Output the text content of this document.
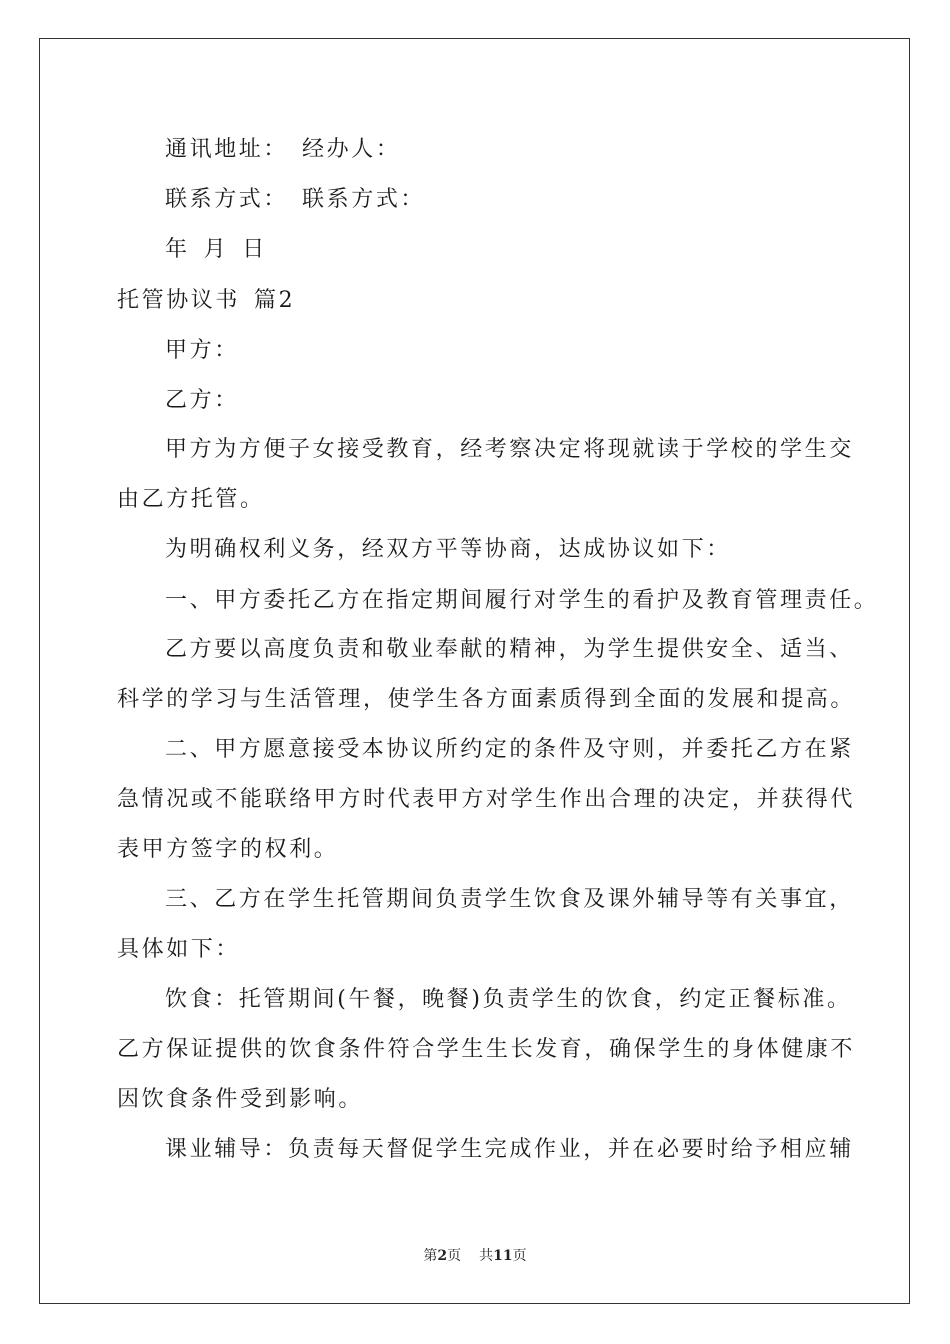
通讯地址： 经办人：
联系方式： 联系方式：
年 月 日
托管协议书 篇2
甲方：
乙方：
甲方为方便子女接受教育，经考察决定将现就读于学校的学生交
由乙方托管。
为明确权利义务，经双方平等协商，达成协议如下：
一、甲方委托乙方在指定期间履行对学生的看护及教育管理责任。
乙方要以高度负责和敬业奉献的精神，为学生提供安全、适当、
科学的学习与生活管理，使学生各方面素质得到全面的发展和提高。
二、甲方愿意接受本协议所约定的条件及守则，并委托乙方在紧
急情况或不能联络甲方时代表甲方对学生作出合理的决定，并获得代
表甲方签字的权利。
三、乙方在学生托管期间负责学生饮食及课外辅导等有关事宜，
具体如下：
饮食：托管期间(午餐，晚餐)负责学生的饮食，约定正餐标准。
乙方保证提供的饮食条件符合学生生长发育，确保学生的身体健康不
因饮食条件受到影响。
课业辅导：负责每天督促学生完成作业，并在必要时给予相应辅
第2页 共11页
